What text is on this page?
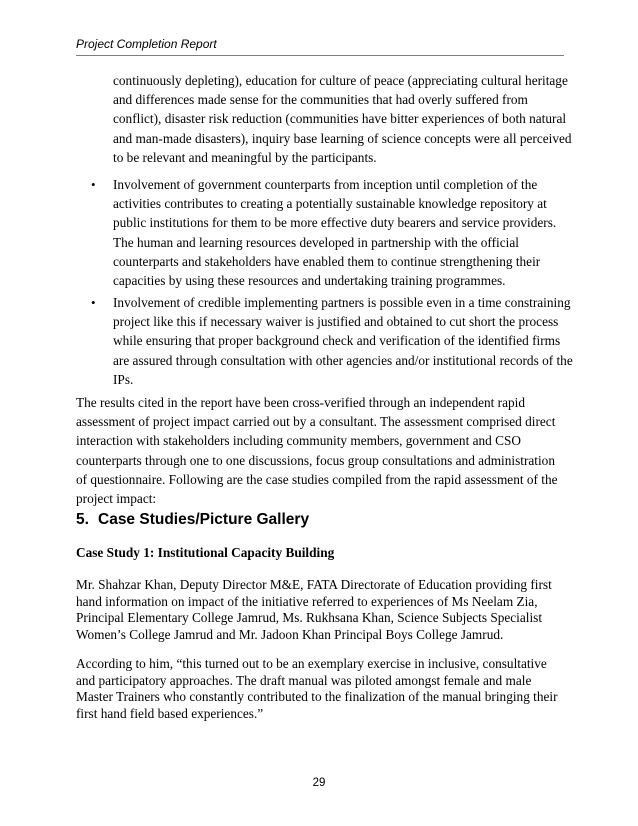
Project Completion Report

continuously depleting), education for culture of peace (appreciating cultural heritage and differences made sense for the communities that had overly suffered from conflict), disaster risk reduction (communities have bitter experiences of both natural and man-made disasters), inquiry base learning of science concepts were all perceived to be relevant and meaningful by the participants.

• Involvement of government counterparts from inception until completion of the activities contributes to creating a potentially sustainable knowledge repository at public institutions for them to be more effective duty bearers and service providers. The human and learning resources developed in partnership with the official counterparts and stakeholders have enabled them to continue strengthening their capacities by using these resources and undertaking training programmes.

• Involvement of credible implementing partners is possible even in a time constraining project like this if necessary waiver is justified and obtained to cut short the process while ensuring that proper background check and verification of the identified firms are assured through consultation with other agencies and/or institutional records of the IPs.

The results cited in the report have been cross-verified through an independent rapid assessment of project impact carried out by a consultant. The assessment comprised direct interaction with stakeholders including community members, government and CSO counterparts through one to one discussions, focus group consultations and administration of questionnaire. Following are the case studies compiled from the rapid assessment of the project impact:

5. Case Studies/Picture Gallery

Case Study 1: Institutional Capacity Building

Mr. Shahzar Khan, Deputy Director M&E, FATA Directorate of Education providing first hand information on impact of the initiative referred to experiences of Ms Neelam Zia, Principal Elementary College Jamrud, Ms. Rukhsana Khan, Science Subjects Specialist Women’s College Jamrud and Mr. Jadoon Khan Principal Boys College Jamrud.

According to him, “this turned out to be an exemplary exercise in inclusive, consultative and participatory approaches. The draft manual was piloted amongst female and male Master Trainers who constantly contributed to the finalization of the manual bringing their first hand field based experiences.”

29
